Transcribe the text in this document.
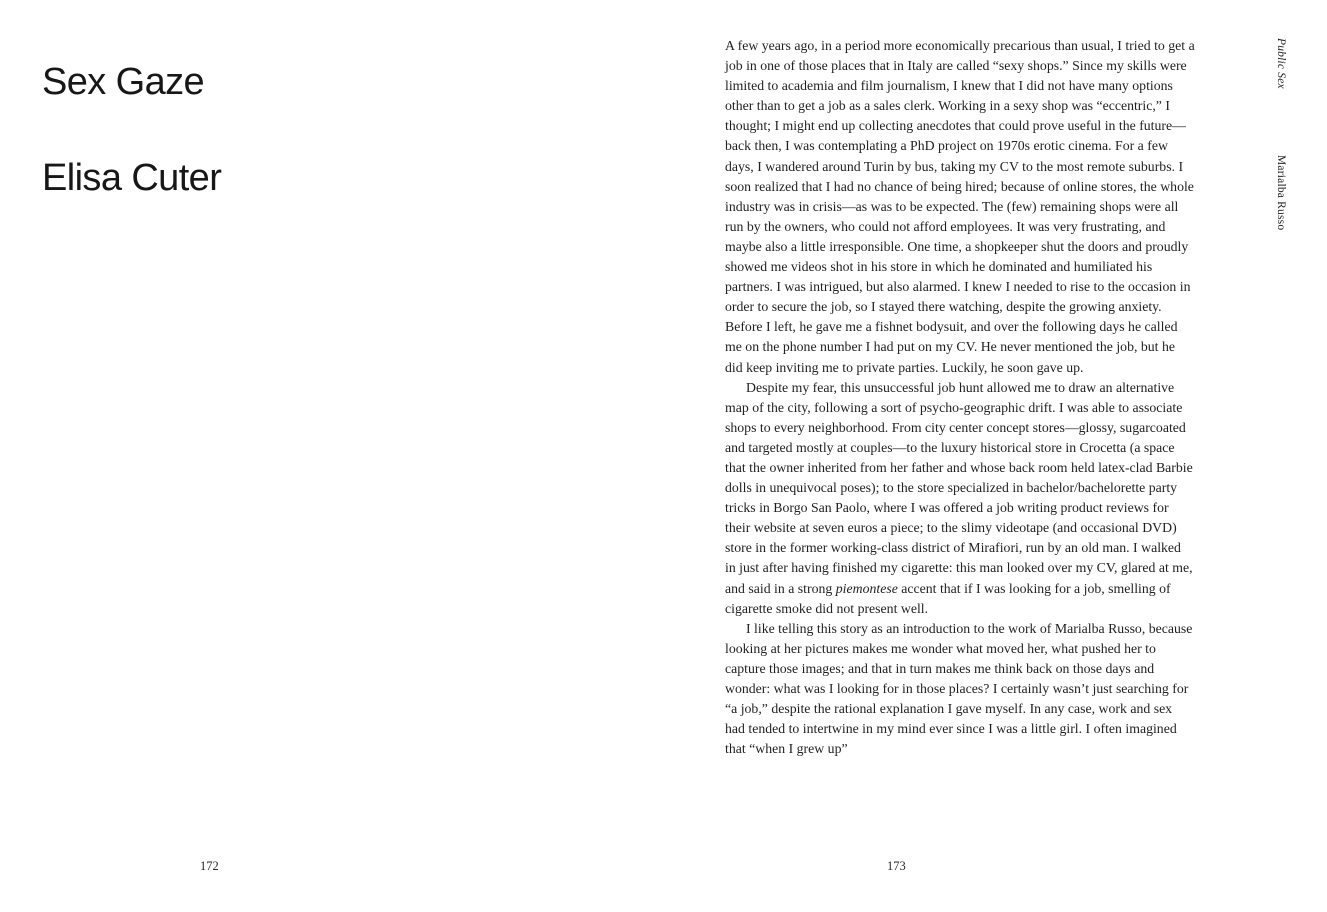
Sex Gaze
Elisa Cuter
172

A few years ago, in a period more economically precarious than usual, I tried to get a job in one of those places that in Italy are called “sexy shops.” Since my skills were limited to academia and film journalism, I knew that I did not have many options other than to get a job as a sales clerk. Working in a sexy shop was “eccentric,” I thought; I might end up collecting anecdotes that could prove useful in the future—back then, I was contemplating a PhD project on 1970s erotic cinema. For a few days, I wandered around Turin by bus, taking my CV to the most remote suburbs. I soon realized that I had no chance of being hired; because of online stores, the whole industry was in crisis—as was to be expected. The (few) remaining shops were all run by the owners, who could not afford employees. It was very frustrating, and maybe also a little irresponsible. One time, a shopkeeper shut the doors and proudly showed me videos shot in his store in which he dominated and humiliated his partners. I was intrigued, but also alarmed. I knew I needed to rise to the occasion in order to secure the job, so I stayed there watching, despite the growing anxiety. Before I left, he gave me a fishnet bodysuit, and over the following days he called me on the phone number I had put on my CV. He never mentioned the job, but he did keep inviting me to private parties. Luckily, he soon gave up.

Despite my fear, this unsuccessful job hunt allowed me to draw an alternative map of the city, following a sort of psycho-geographic drift. I was able to associate shops to every neighborhood. From city center concept stores—glossy, sugarcoated and targeted mostly at couples—to the luxury historical store in Crocetta (a space that the owner inherited from her father and whose back room held latex-clad Barbie dolls in unequivocal poses); to the store specialized in bachelor/bachelorette party tricks in Borgo San Paolo, where I was offered a job writing product reviews for their website at seven euros a piece; to the slimy videotape (and occasional DVD) store in the former working-class district of Mirafiori, run by an old man. I walked in just after having finished my cigarette: this man looked over my CV, glared at me, and said in a strong piemontese accent that if I was looking for a job, smelling of cigarette smoke did not present well.

I like telling this story as an introduction to the work of Marialba Russo, because looking at her pictures makes me wonder what moved her, what pushed her to capture those images; and that in turn makes me think back on those days and wonder: what was I looking for in those places? I certainly wasn’t just searching for “a job,” despite the rational explanation I gave myself. In any case, work and sex had tended to intertwine in my mind ever since I was a little girl. I often imagined that “when I grew up”

Public Sex
Marialba Russo
173
